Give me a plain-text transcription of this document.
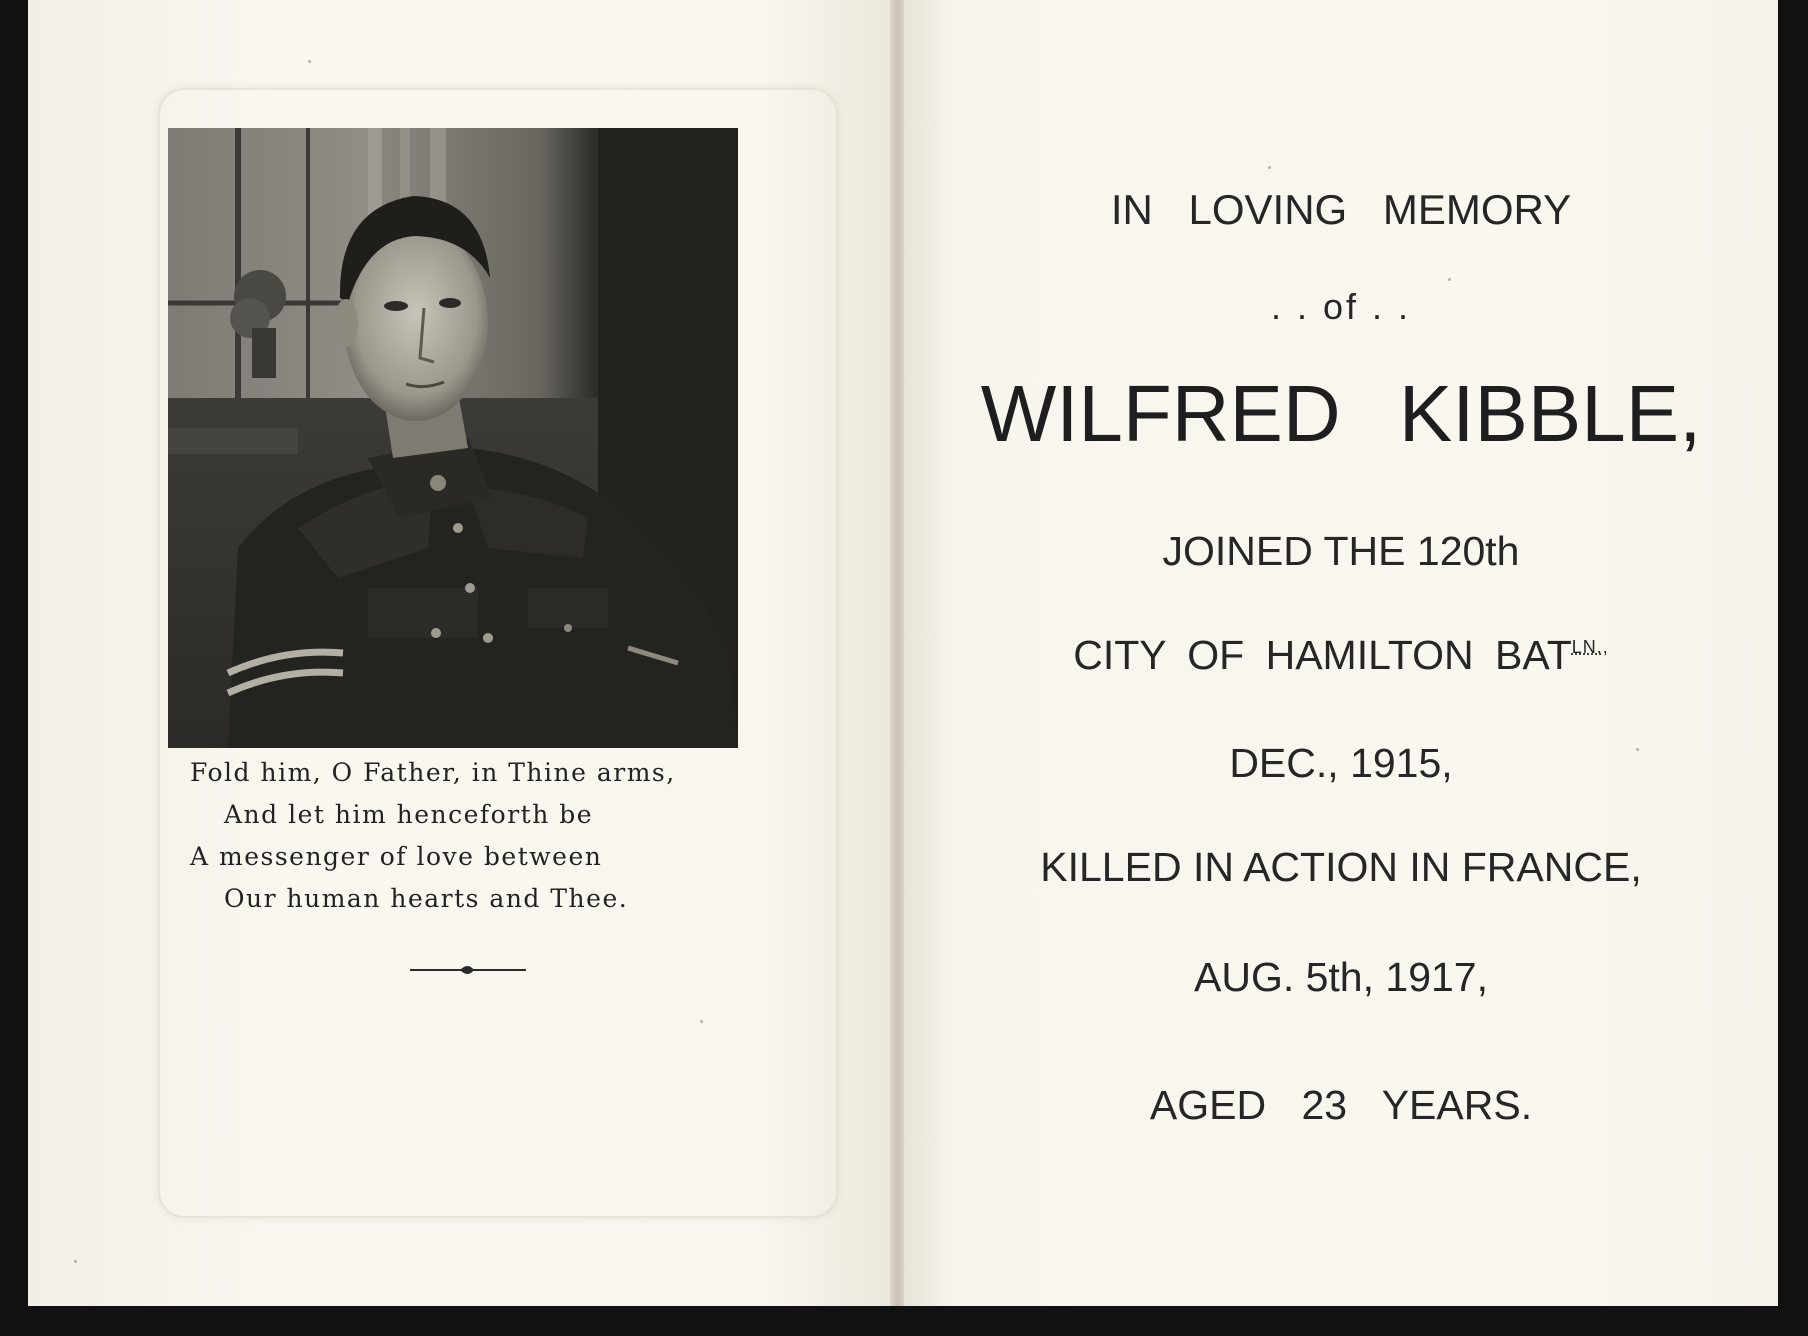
Fold him, O Father, in Thine arms,
And let him henceforth be
A messenger of love between
Our human hearts and Thee.
IN LOVING MEMORY
. . of . .
WILFRED KIBBLE,
JOINED THE 120th
CITY OF HAMILTON $BAT^{LN.,}$
DEC., 1915,
KILLED IN ACTION IN FRANCE,
AUG. 5th, 1917,
AGED 23 YEARS.
